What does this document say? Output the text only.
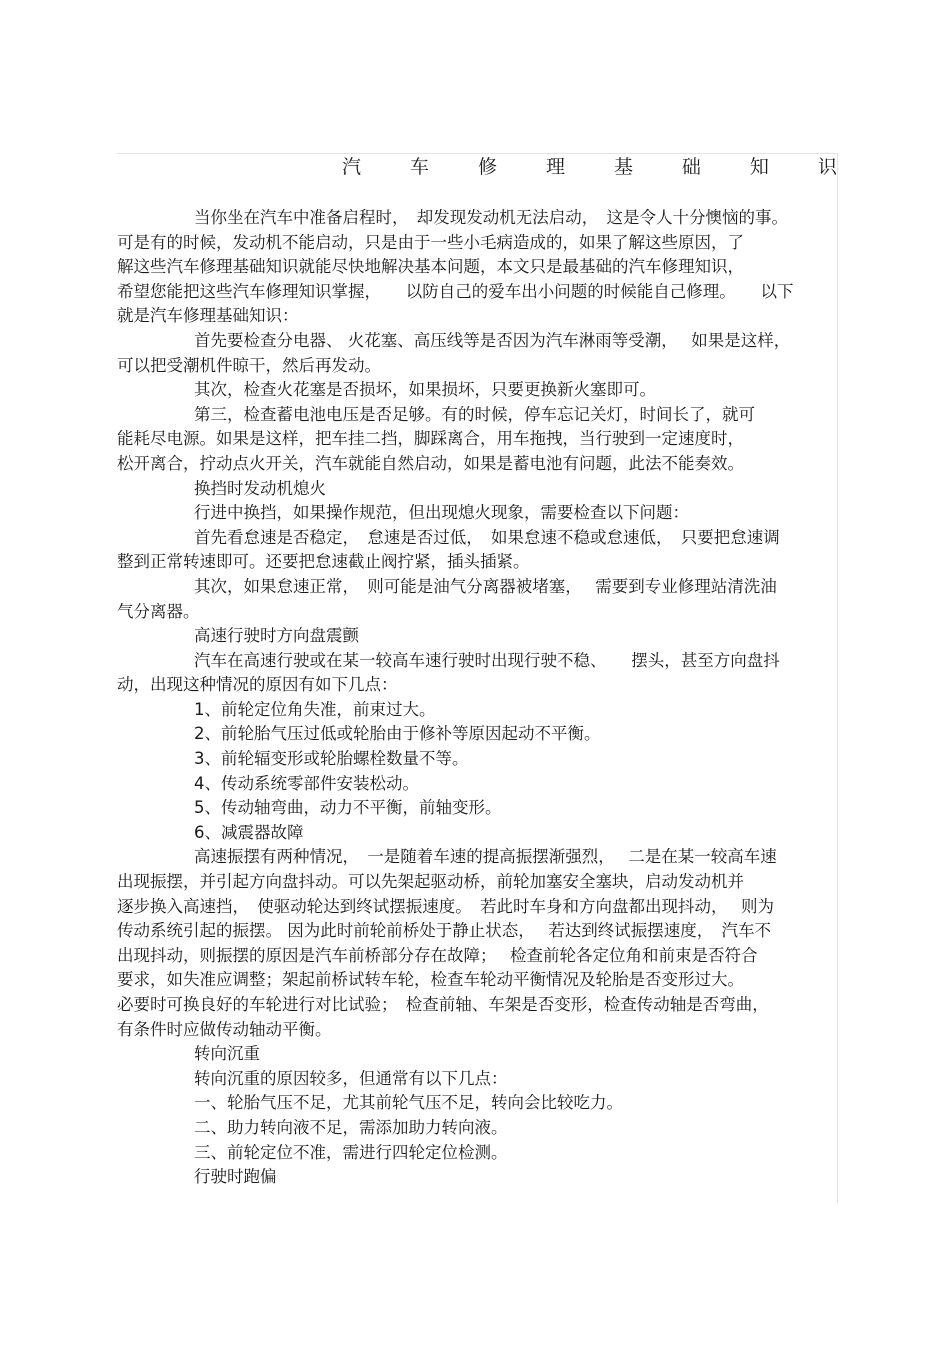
汽	车	修	理	基	础	知	识
当你坐在汽车中准备启程时，　却发现发动机无法启动，　这是令人十分懊恼的事。
可是有的时候，发动机不能启动，只是由于一些小毛病造成的，如果了解这些原因，了
解这些汽车修理基础知识就能尽快地解决基本问题，本文只是最基础的汽车修理知识，
希望您能把这些汽车修理知识掌握，　　以防自己的爱车出小问题的时候能自己修理。　　以下
就是汽车修理基础知识：
首先要检查分电器、 火花塞、高压线等是否因为汽车淋雨等受潮，　 如果是这样，
可以把受潮机件晾干，然后再发动。
其次，检查火花塞是否损坏，如果损坏，只要更换新火塞即可。
第三，检查蓄电池电压是否足够。有的时候，停车忘记关灯，时间长了，就可
能耗尽电源。如果是这样，把车挂二挡，脚踩离合，用车拖拽，当行驶到一定速度时，
松开离合，拧动点火开关，汽车就能自然启动，如果是蓄电池有问题，此法不能奏效。
换挡时发动机熄火
行进中换挡，如果操作规范，但出现熄火现象，需要检查以下问题：
首先看怠速是否稳定，　怠速是否过低，　如果怠速不稳或怠速低，　只要把怠速调
整到正常转速即可。还要把怠速截止阀拧紧，插头插紧。
其次，如果怠速正常，　则可能是油气分离器被堵塞，　 需要到专业修理站清洗油
气分离器。
高速行驶时方向盘震颤
汽车在高速行驶或在某一较高车速行驶时出现行驶不稳、　　摆头，甚至方向盘抖
动，出现这种情况的原因有如下几点：
1、前轮定位角失准，前束过大。
2、前轮胎气压过低或轮胎由于修补等原因起动不平衡。
3、前轮辐变形或轮胎螺栓数量不等。
4、传动系统零部件安装松动。
5、传动轴弯曲，动力不平衡，前轴变形。
6、减震器故障
高速振摆有两种情况，　一是随着车速的提高振摆渐强烈，　 二是在某一较高车速
出现振摆，并引起方向盘抖动。可以先架起驱动桥，前轮加塞安全塞块，启动发动机并
逐步换入高速挡，　使驱动轮达到终试摆振速度。　若此时车身和方向盘都出现抖动，　 则为
传动系统引起的振摆。 因为此时前轮前桥处于静止状态，　 若达到终试振摆速度，　汽车不
出现抖动，则振摆的原因是汽车前桥部分存在故障；　 检查前轮各定位角和前束是否符合
要求，如失准应调整；架起前桥试转车轮，检查车轮动平衡情况及轮胎是否变形过大。
必要时可换良好的车轮进行对比试验；　检查前轴、车架是否变形，检查传动轴是否弯曲，
有条件时应做传动轴动平衡。
转向沉重
转向沉重的原因较多，但通常有以下几点：
一、轮胎气压不足，尤其前轮气压不足，转向会比较吃力。
二、助力转向液不足，需添加助力转向液。
三、前轮定位不准，需进行四轮定位检测。
行驶时跑偏
